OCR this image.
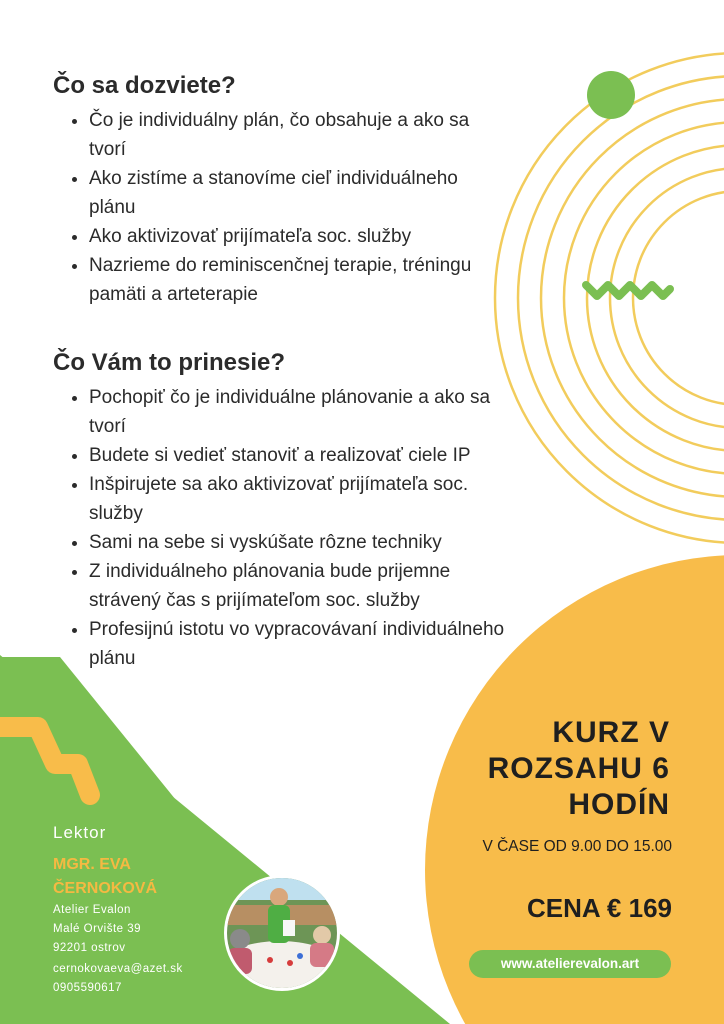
Čo sa dozviete?
• Čo je individuálny plán, čo obsahuje a ako sa tvorí
• Ako zistíme a stanovíme cieľ individuálneho plánu
• Ako aktivizovať prijímateľa soc. služby
• Nazrieme do reminiscenčnej terapie, tréningu pamäti a arteterapie
Čo Vám to prinesie?
• Pochopiť čo je individuálne plánovanie a ako sa tvorí
• Budete si vedieť stanoviť a realizovať ciele IP
• Inšpirujete sa ako aktivizovať prijímateľa soc. služby
• Sami na sebe si vyskúšate rôzne techniky
• Z individuálneho plánovania bude prijemne strávený čas s prijímateľom soc. služby
• Profesijnú istotu vo vypracovávaní individuálneho plánu
Lektor
MGR. EVA ČERNOKOVÁ
Atelier Evalon
Malé Orvište 39
92201 ostrov
cernokovaeva@azet.sk
0905590617
KURZ V ROZSAHU 6 HODÍN
V ČASE OD 9.00 DO 15.00
CENA € 169
www.atelierevalon.art
